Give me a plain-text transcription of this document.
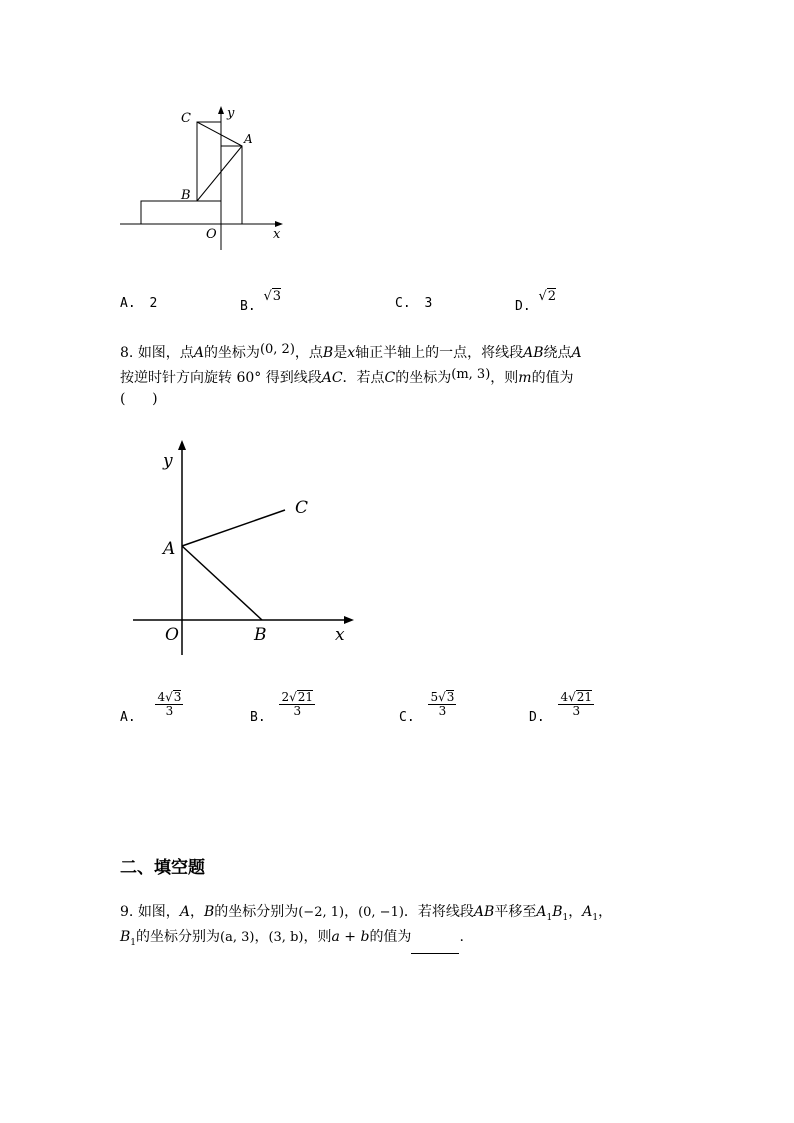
C	y
A
B
O	x
A. 2	B. √3	C. 3	D. √2
8. 如图，点A的坐标为(0, 2)，点B是x轴正半轴上的一点，将线段AB绕点A
按逆时针方向旋转 60° 得到线段AC．若点C的坐标为(m, 3)，则m的值为
(      )
y
C
A
O	B	x
A.
$\frac{4√3}{3}$
B.
$\frac{2√21}{3}$
C.
$\frac{5√3}{3}$
D.
$\frac{4√21}{3}$
二、填空题
9. 如图，A，B的坐标分别为(−2, 1)，(0, −1)．若将线段AB平移至$A_1B_1$，$A_1$，
$B_1$的坐标分别为(a, 3)，(3, b)，则a + b的值为	.
